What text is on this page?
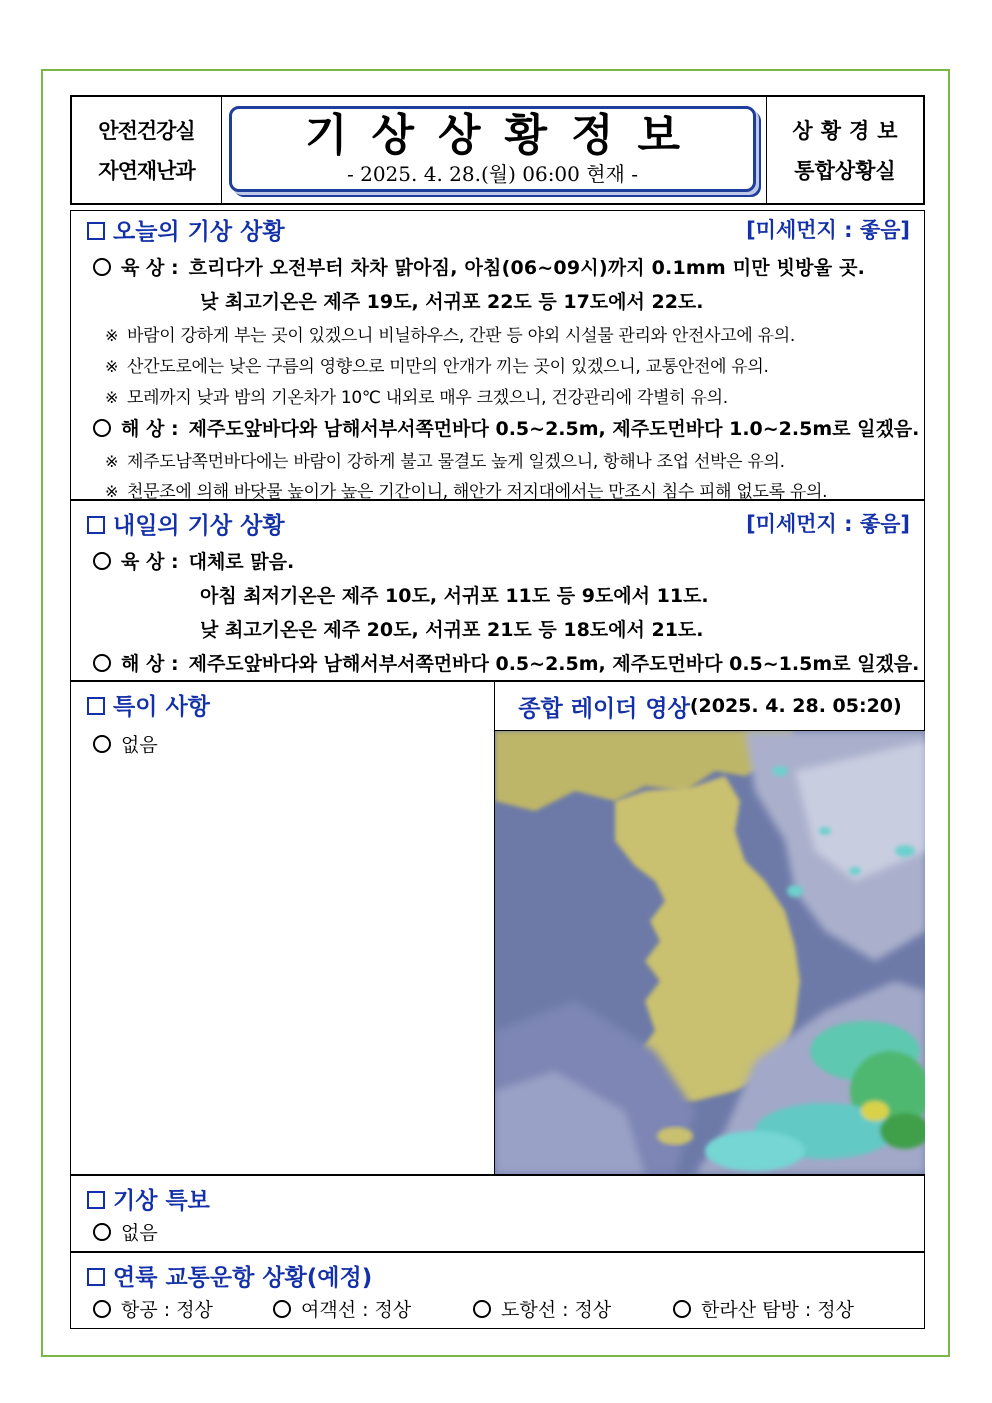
안전건강실
자연재난과
기상상황정보
- 2025. 4. 28.(월) 06:00 현재 -
상황경보
통합상황실
오늘의 기상 상황	[미세먼지 : 좋음]
육 상 : 흐리다가 오전부터 차차 맑아짐, 아침(06~09시)까지 0.1mm 미만 빗방울 곳.
낮 최고기온은 제주 19도, 서귀포 22도 등 17도에서 22도.
※ 바람이 강하게 부는 곳이 있겠으니 비닐하우스, 간판 등 야외 시설물 관리와 안전사고에 유의.
※ 산간도로에는 낮은 구름의 영향으로 미만의 안개가 끼는 곳이 있겠으니, 교통안전에 유의.
※ 모레까지 낮과 밤의 기온차가 10℃ 내외로 매우 크겠으니, 건강관리에 각별히 유의.
해 상 : 제주도앞바다와 남해서부서쪽먼바다 0.5~2.5m, 제주도먼바다 1.0~2.5m로 일겠음.
※ 제주도남쪽먼바다에는 바람이 강하게 불고 물결도 높게 일겠으니, 항해나 조업 선박은 유의.
※ 천문조에 의해 바닷물 높이가 높은 기간이니, 해안가 저지대에서는 만조시 침수 피해 없도록 유의.
내일의 기상 상황	[미세먼지 : 좋음]
육 상 : 대체로 맑음.
아침 최저기온은 제주 10도, 서귀포 11도 등 9도에서 11도.
낮 최고기온은 제주 20도, 서귀포 21도 등 18도에서 21도.
해 상 : 제주도앞바다와 남해서부서쪽먼바다 0.5~2.5m, 제주도먼바다 0.5~1.5m로 일겠음.
특이 사항
없음
종합 레이더 영상 (2025. 4. 28. 05:20)
기상 특보
없음
연륙 교통운항 상황(예정)
항공 : 정상	여객선 : 정상	도항선 : 정상	한라산 탐방 : 정상
